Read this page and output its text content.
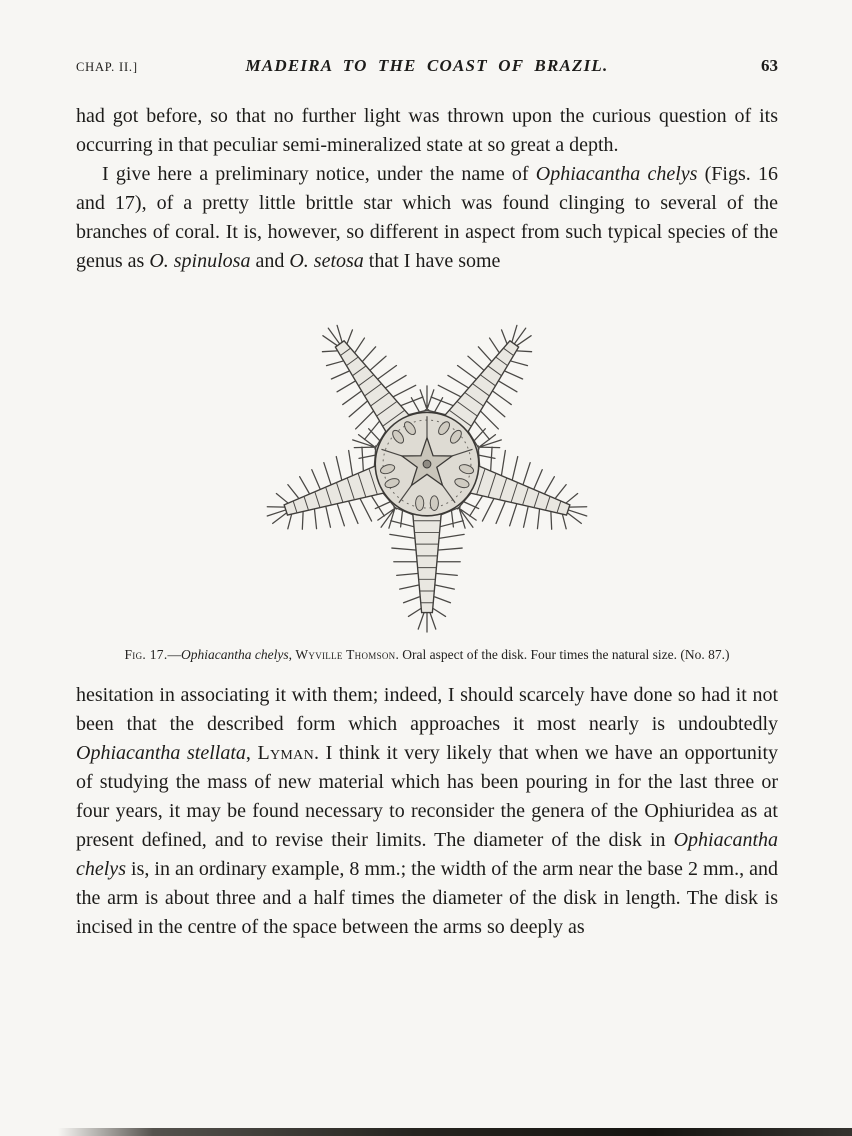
CHAP. II.]	MADEIRA TO THE COAST OF BRAZIL.	63

had got before, so that no further light was thrown upon the curious question of its occurring in that peculiar semi-mineralized state at so great a depth.

I give here a preliminary notice, under the name of Ophiacantha chelys (Figs. 16 and 17), of a pretty little brittle star which was found clinging to several of the branches of coral. It is, however, so different in aspect from such typical species of the genus as O. spinulosa and O. setosa that I have some

Fig. 17.—Ophiacantha chelys, Wyville Thomson. Oral aspect of the disk. Four times the natural size. (No. 87.)

hesitation in associating it with them; indeed, I should scarcely have done so had it not been that the described form which approaches it most nearly is undoubtedly Ophiacantha stellata, Lyman. I think it very likely that when we have an opportunity of studying the mass of new material which has been pouring in for the last three or four years, it may be found necessary to reconsider the genera of the Ophiuridea as at present defined, and to revise their limits. The diameter of the disk in Ophiacantha chelys is, in an ordinary example, 8 mm.; the width of the arm near the base 2 mm., and the arm is about three and a half times the diameter of the disk in length. The disk is incised in the centre of the space between the arms so deeply as
